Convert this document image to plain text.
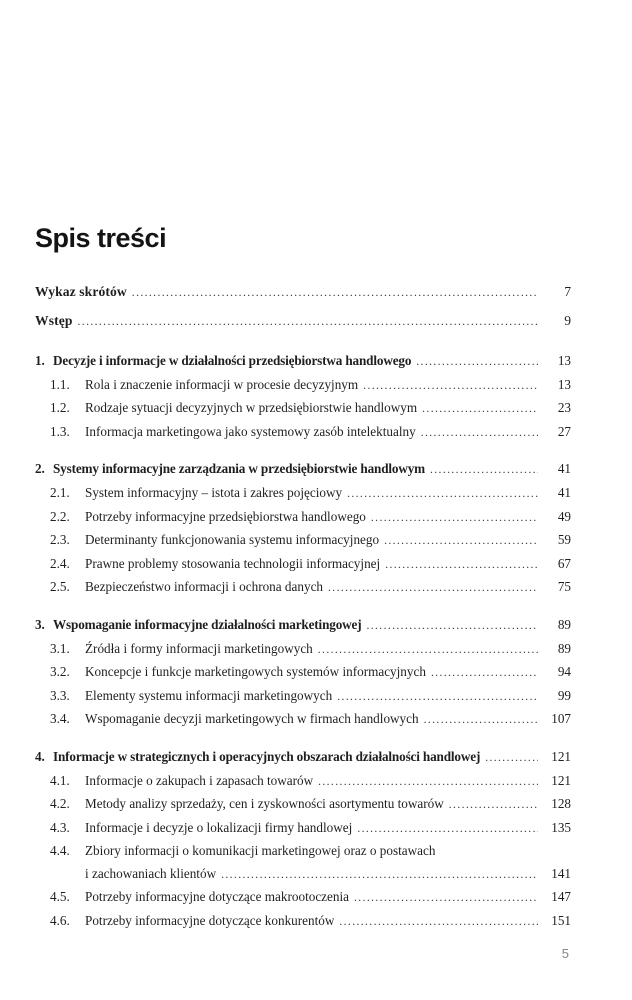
Spis treści
Wykaz skrótów .....	7
Wstęp .....	9
1. Decyzje i informacje w działalności przedsiębiorstwa handlowego .....	13
1.1.	Rola i znaczenie informacji w procesie decyzyjnym .....	13
1.2.	Rodzaje sytuacji decyzyjnych w przedsiębiorstwie handlowym .....	23
1.3.	Informacja marketingowa jako systemowy zasób intelektualny .....	27
2. Systemy informacyjne zarządzania w przedsiębiorstwie handlowym .....	41
2.1.	System informacyjny – istota i zakres pojęciowy .....	41
2.2.	Potrzeby informacyjne przedsiębiorstwa handlowego .....	49
2.3.	Determinanty funkcjonowania systemu informacyjnego .....	59
2.4.	Prawne problemy stosowania technologii informacyjnej .....	67
2.5.	Bezpieczeństwo informacji i ochrona danych .....	75
3. Wspomaganie informacyjne działalności marketingowej .....	89
3.1.	Źródła i formy informacji marketingowych .....	89
3.2.	Koncepcje i funkcje marketingowych systemów informacyjnych .....	94
3.3.	Elementy systemu informacji marketingowych .....	99
3.4.	Wspomaganie decyzji marketingowych w firmach handlowych .....	107
4. Informacje w strategicznych i operacyjnych obszarach działalności handlowej .....	121
4.1.	Informacje o zakupach i zapasach towarów .....	121
4.2.	Metody analizy sprzedaży, cen i zyskowności asortymentu towarów .....	128
4.3.	Informacje i decyzje o lokalizacji firmy handlowej .....	135
4.4.	Zbiory informacji o komunikacji marketingowej oraz o postawach
i zachowaniach klientów .....	141
4.5.	Potrzeby informacyjne dotyczące makrootoczenia .....	147
4.6.	Potrzeby informacyjne dotyczące konkurentów .....	151
5
